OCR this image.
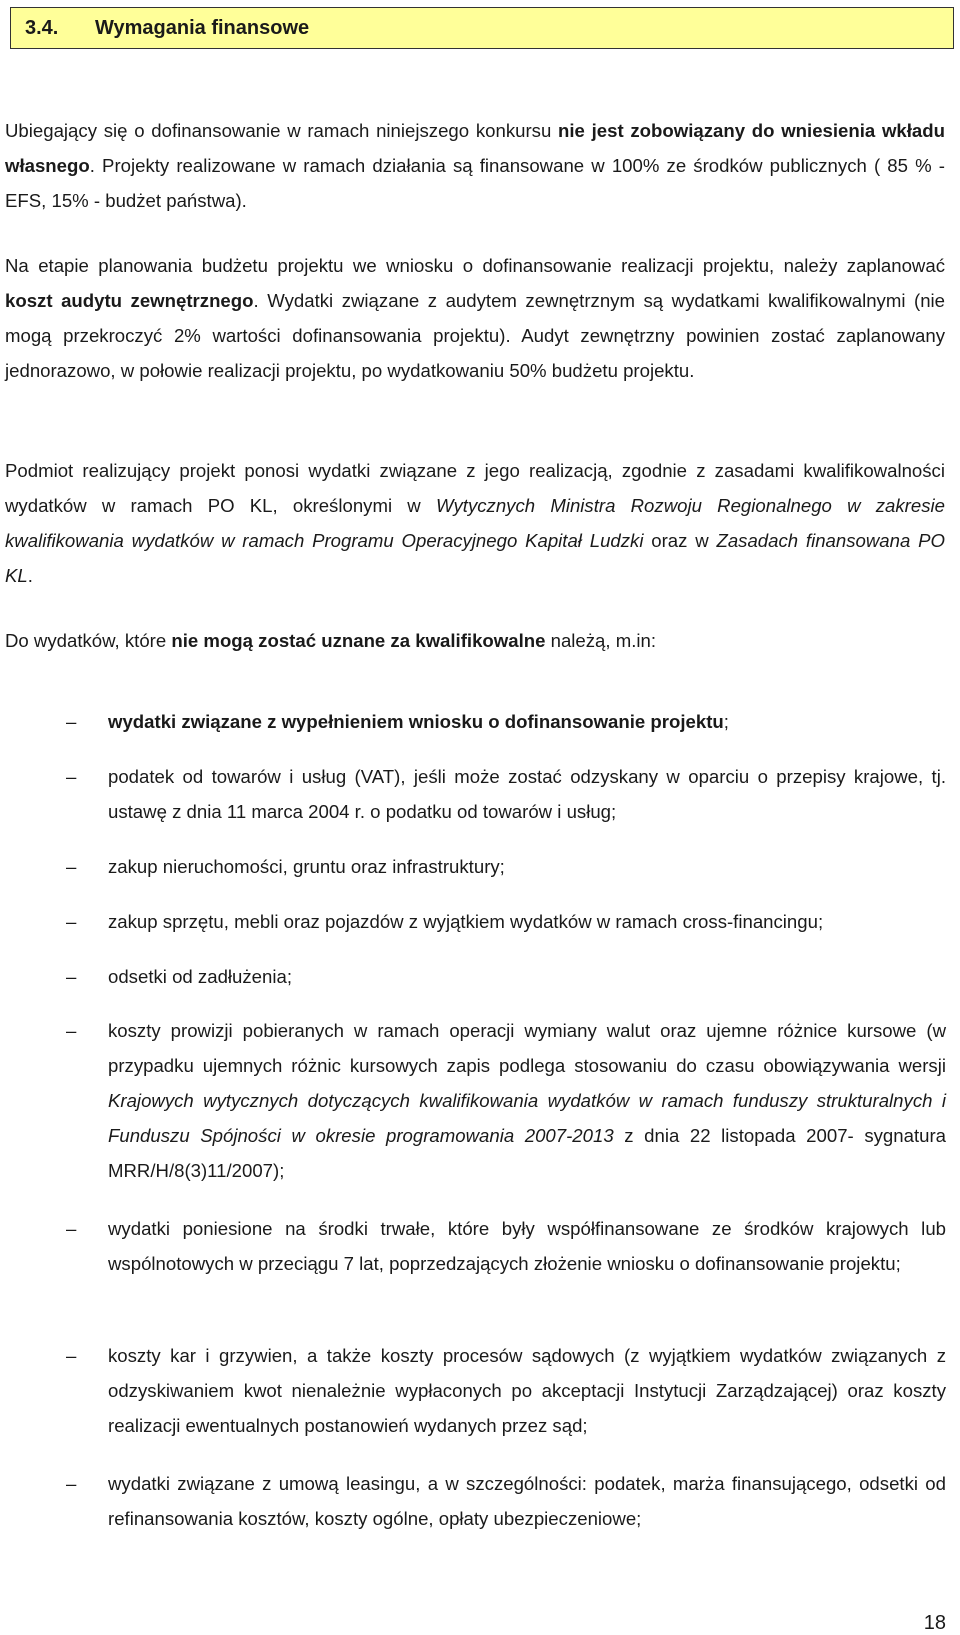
3.4.	Wymagania finansowe

Ubiegający się o dofinansowanie w ramach niniejszego konkursu nie jest zobowiązany do wniesienia wkładu własnego. Projekty realizowane w ramach działania są finansowane w 100% ze środków publicznych ( 85 % - EFS, 15% - budżet państwa).

Na etapie planowania budżetu projektu we wniosku o dofinansowanie realizacji projektu, należy zaplanować koszt audytu zewnętrznego. Wydatki związane z audytem zewnętrznym są wydatkami kwalifikowalnymi (nie mogą przekroczyć 2% wartości dofinansowania projektu). Audyt zewnętrzny powinien zostać zaplanowany jednorazowo, w połowie realizacji projektu, po wydatkowaniu 50% budżetu projektu.

Podmiot realizujący projekt ponosi wydatki związane z jego realizacją, zgodnie z zasadami kwalifikowalności wydatków w ramach PO KL, określonymi w Wytycznych Ministra Rozwoju Regionalnego w zakresie kwalifikowania wydatków w ramach Programu Operacyjnego Kapitał Ludzki oraz w Zasadach finansowana PO KL.

Do wydatków, które nie mogą zostać uznane za kwalifikowalne należą, m.in:

– wydatki związane z wypełnieniem wniosku o dofinansowanie projektu;

– podatek od towarów i usług (VAT), jeśli może zostać odzyskany w oparciu o przepisy krajowe, tj. ustawę z dnia 11 marca 2004 r. o podatku od towarów i usług;

– zakup nieruchomości, gruntu oraz infrastruktury;

– zakup sprzętu, mebli oraz pojazdów z wyjątkiem wydatków w ramach cross-financingu;

– odsetki od zadłużenia;

– koszty prowizji pobieranych w ramach operacji wymiany walut oraz ujemne różnice kursowe (w przypadku ujemnych różnic kursowych zapis podlega stosowaniu do czasu obowiązywania wersji Krajowych wytycznych dotyczących kwalifikowania wydatków w ramach funduszy strukturalnych i Funduszu Spójności w okresie programowania 2007-2013 z dnia 22 listopada 2007- sygnatura MRR/H/8(3)11/2007);

– wydatki poniesione na środki trwałe, które były współfinansowane ze środków krajowych lub wspólnotowych w przeciągu 7 lat, poprzedzających złożenie wniosku o dofinansowanie projektu;

– koszty kar i grzywien, a także koszty procesów sądowych (z wyjątkiem wydatków związanych z odzyskiwaniem kwot nienależnie wypłaconych po akceptacji Instytucji Zarządzającej) oraz koszty realizacji ewentualnych postanowień wydanych przez sąd;

– wydatki związane z umową leasingu, a w szczególności: podatek, marża finansującego, odsetki od refinansowania kosztów, koszty ogólne, opłaty ubezpieczeniowe;

18
